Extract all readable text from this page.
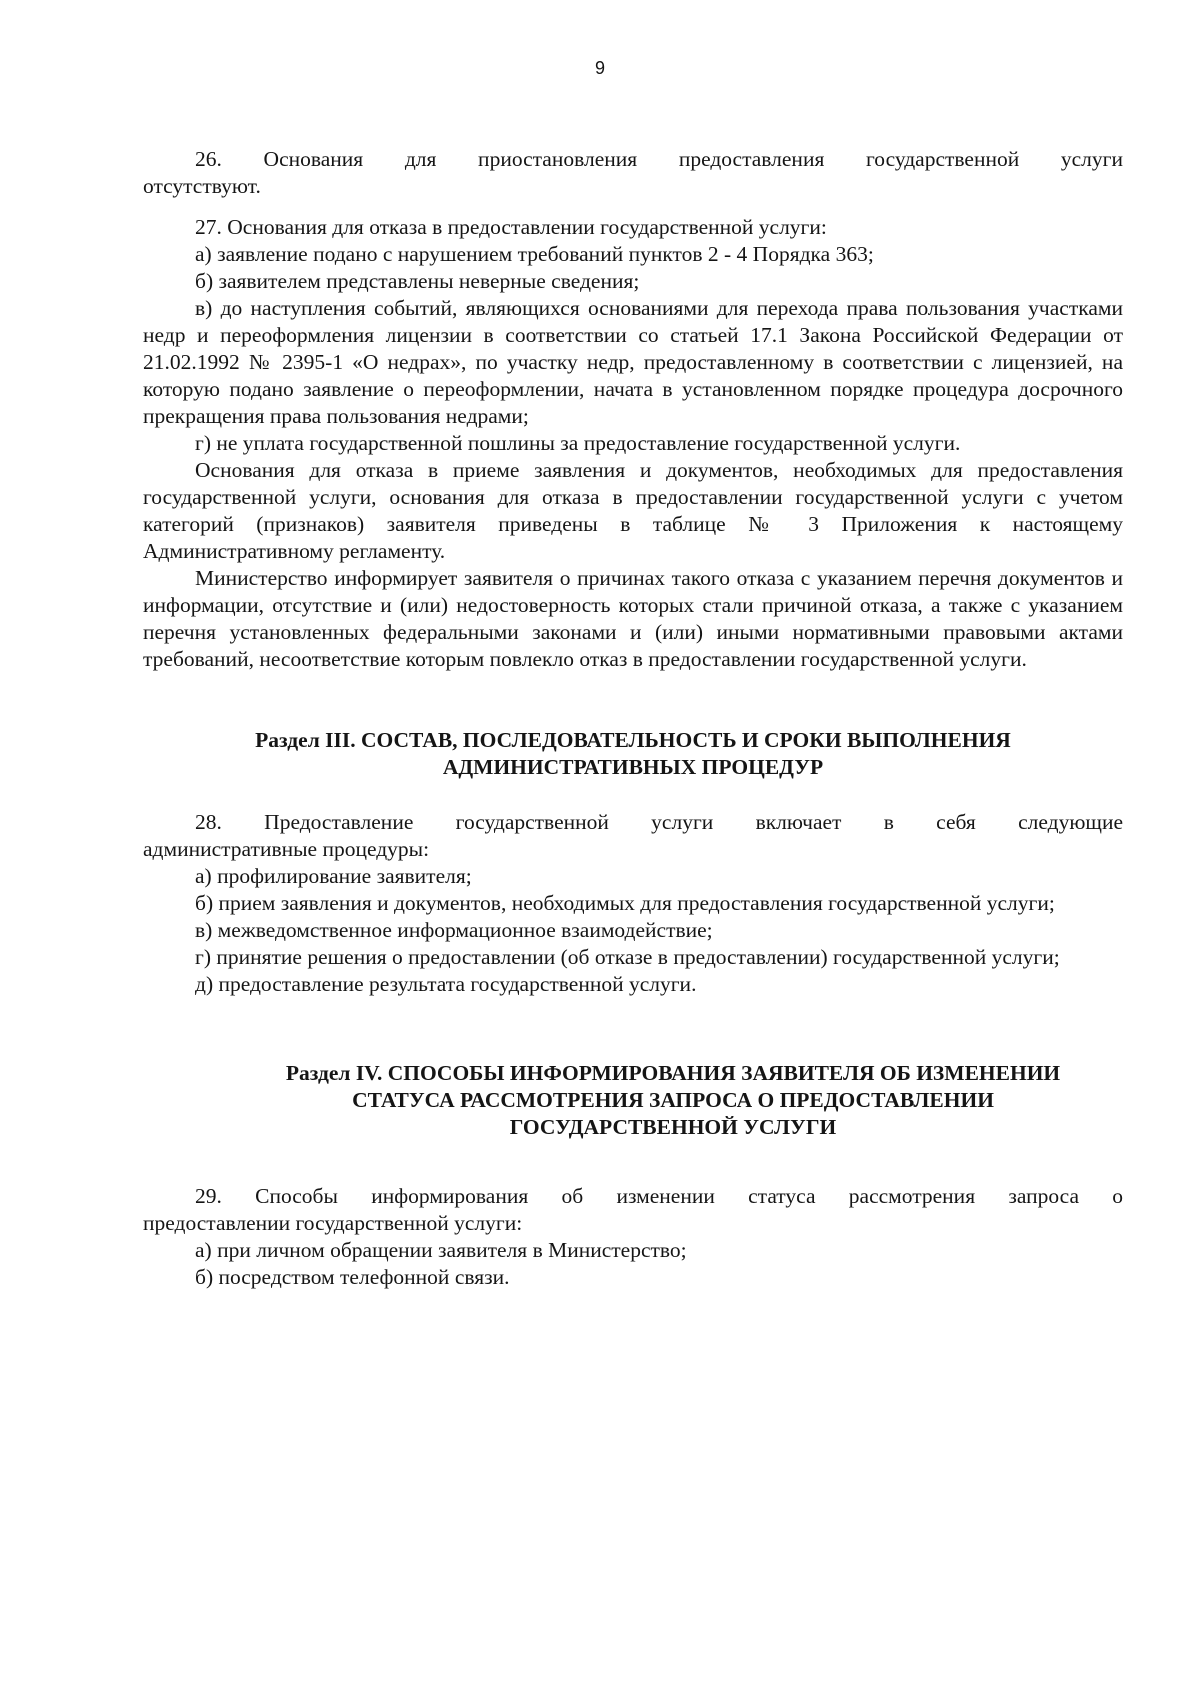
9

26. Основания для приостановления предоставления государственной услуги

отсутствуют.

27. Основания для отказа в предоставлении государственной услуги:

а) заявление подано с нарушением требований пунктов 2 - 4 Порядка 363;

б) заявителем представлены неверные сведения;

в) до наступления событий, являющихся основаниями для перехода права пользования участками недр и переоформления лицензии в соответствии со статьей 17.1 Закона Российской Федерации от 21.02.1992 № 2395-1 «О недрах», по участку недр, предоставленному в соответствии с лицензией, на которую подано заявление о переоформлении, начата в установленном порядке процедура досрочного прекращения права пользования недрами;

г) не уплата государственной пошлины за предоставление государственной услуги.

Основания для отказа в приеме заявления и документов, необходимых для предоставления государственной услуги, основания для отказа в предоставлении государственной услуги с учетом категорий (признаков) заявителя приведены в таблице № 3 Приложения к настоящему Административному регламенту.

Министерство информирует заявителя о причинах такого отказа с указанием перечня документов и информации, отсутствие и (или) недостоверность которых стали причиной отказа, а также с указанием перечня установленных федеральными законами и (или) иными нормативными правовыми актами требований, несоответствие которым повлекло отказ в предоставлении государственной услуги.

Раздел III. СОСТАВ, ПОСЛЕДОВАТЕЛЬНОСТЬ И СРОКИ ВЫПОЛНЕНИЯ

АДМИНИСТРАТИВНЫХ ПРОЦЕДУР

28. Предоставление государственной услуги включает в себя следующие

административные процедуры:

а) профилирование заявителя;

б) прием заявления и документов, необходимых для предоставления государственной услуги;

в) межведомственное информационное взаимодействие;

г) принятие решения о предоставлении (об отказе в предоставлении) государственной услуги;

д) предоставление результата государственной услуги.

Раздел IV. СПОСОБЫ ИНФОРМИРОВАНИЯ ЗАЯВИТЕЛЯ ОБ ИЗМЕНЕНИИ

СТАТУСА РАССМОТРЕНИЯ ЗАПРОСА О ПРЕДОСТАВЛЕНИИ

ГОСУДАРСТВЕННОЙ УСЛУГИ

29. Способы информирования об изменении статуса рассмотрения запроса о

предоставлении государственной услуги:

а) при личном обращении заявителя в Министерство;

б) посредством телефонной связи.
